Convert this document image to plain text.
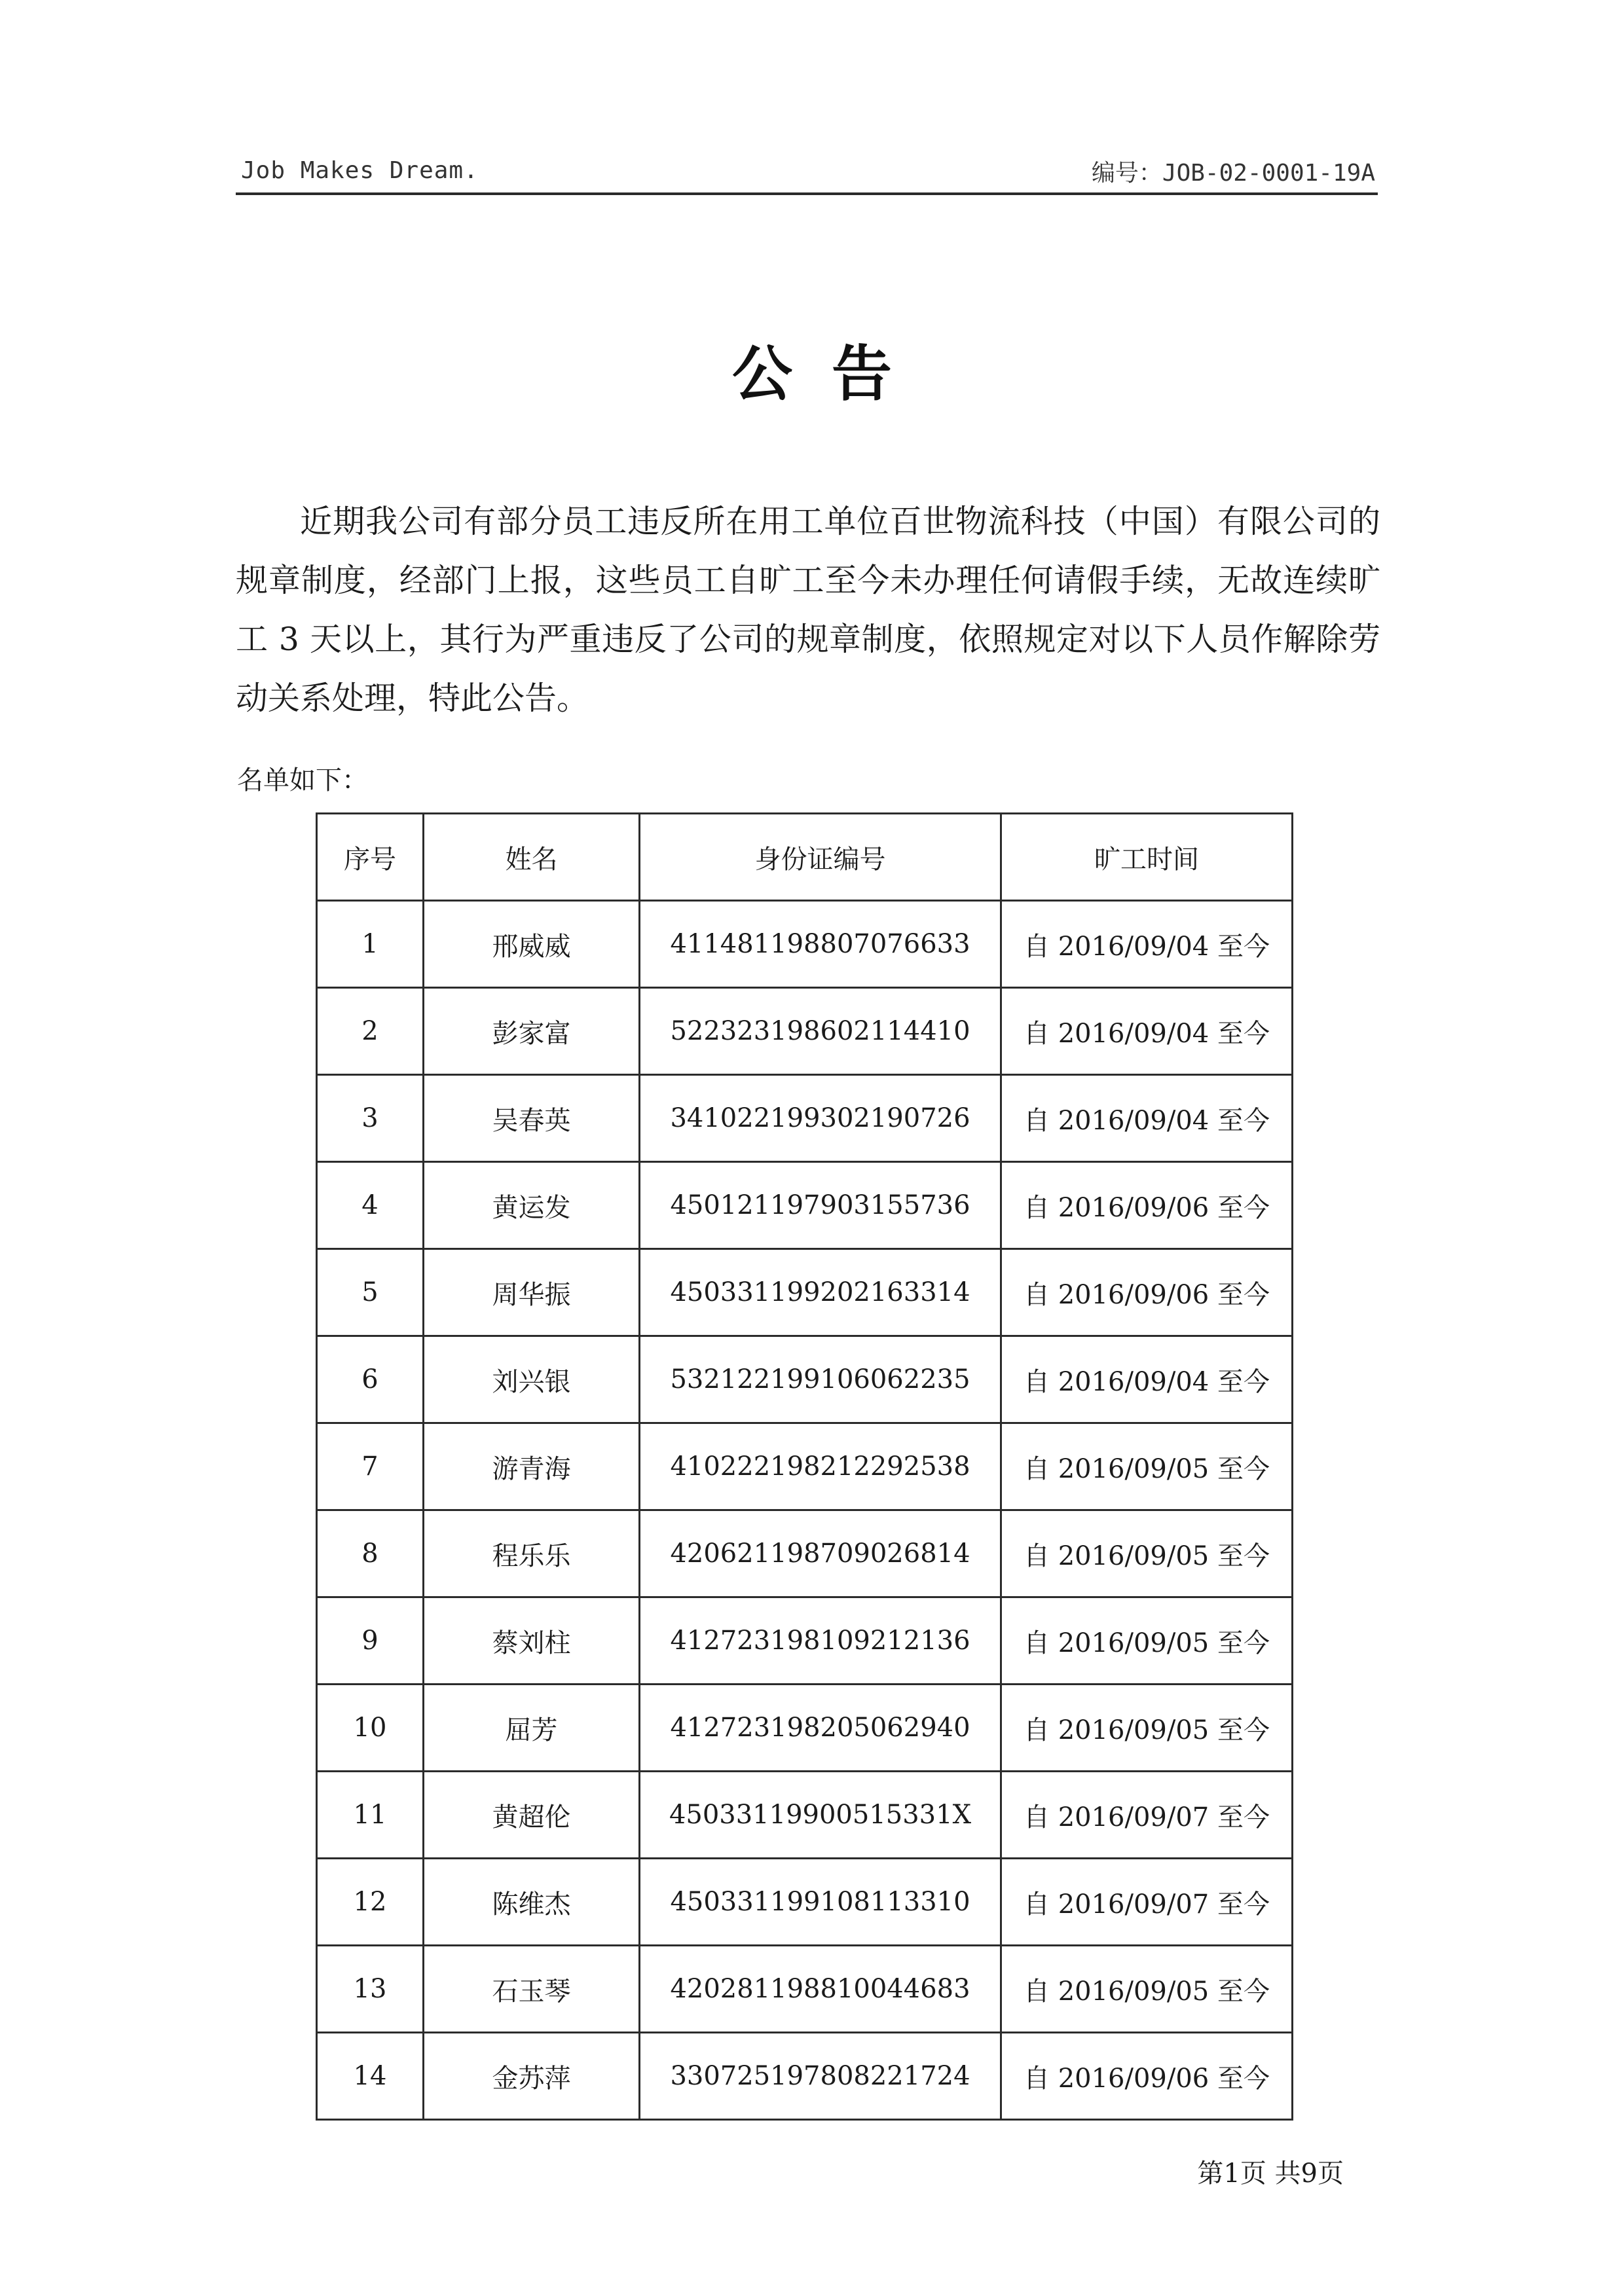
Job Makes Dream.	编号：JOB-02-0001-19A
公告
近期我公司有部分员工违反所在用工单位百世物流科技（中国）有限公司的规章制度，经部门上报，这些员工自旷工至今未办理任何请假手续，无故连续旷工 3 天以上，其行为严重违反了公司的规章制度，依照规定对以下人员作解除劳动关系处理，特此公告。
名单如下：
序号	姓名	身份证编号	旷工时间
1	邢威威	411481198807076633	自 2016/09/04 至今
2	彭家富	522323198602114410	自 2016/09/04 至今
3	吴春英	341022199302190726	自 2016/09/04 至今
4	黄运发	450121197903155736	自 2016/09/06 至今
5	周华振	450331199202163314	自 2016/09/06 至今
6	刘兴银	532122199106062235	自 2016/09/04 至今
7	游青海	410222198212292538	自 2016/09/05 至今
8	程乐乐	420621198709026814	自 2016/09/05 至今
9	蔡刘柱	412723198109212136	自 2016/09/05 至今
10	屈芳	412723198205062940	自 2016/09/05 至今
11	黄超伦	45033119900515331X	自 2016/09/07 至今
12	陈维杰	450331199108113310	自 2016/09/07 至今
13	石玉琴	420281198810044683	自 2016/09/05 至今
14	金苏萍	330725197808221724	自 2016/09/06 至今
第1页 共9页
